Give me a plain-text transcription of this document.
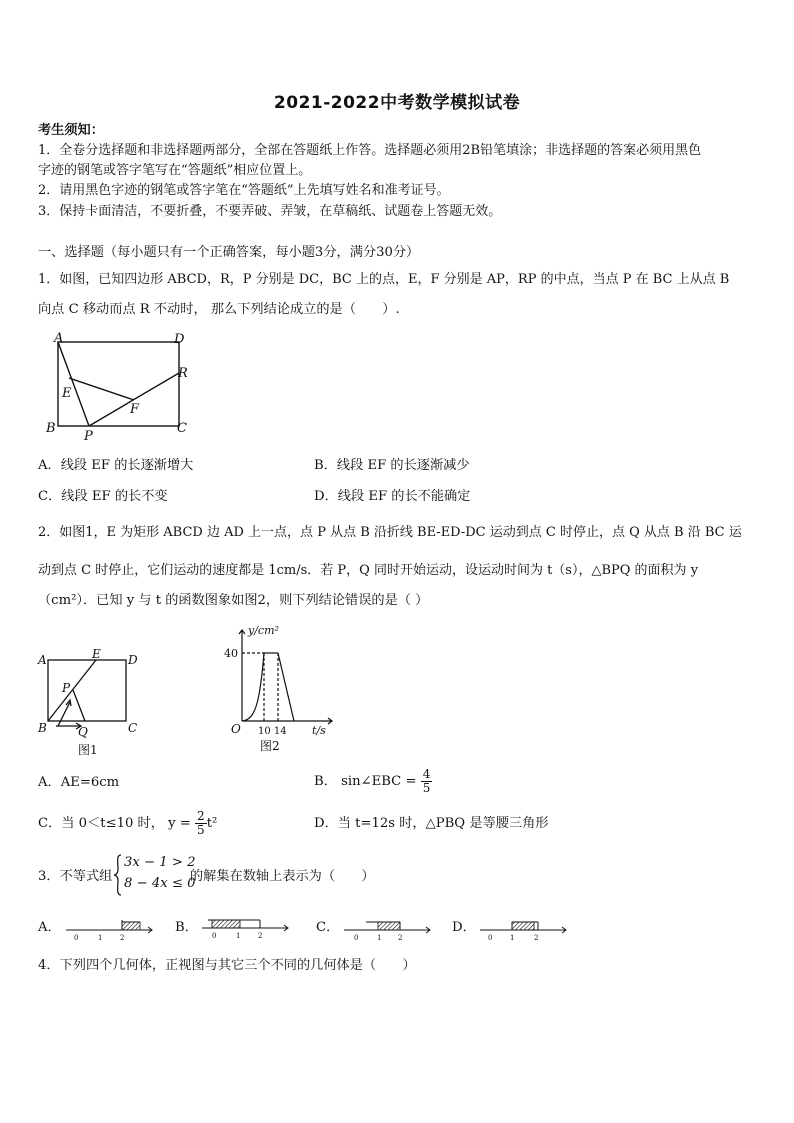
2021-2022中考数学模拟试卷
考生须知：
1．全卷分选择题和非选择题两部分，全部在答题纸上作答。选择题必须用2B铅笔填涂；非选择题的答案必须用黑色
字迹的钢笔或答字笔写在“答题纸”相应位置上。
2．请用黑色字迹的钢笔或答字笔在“答题纸”上先填写姓名和准考证号。
3．保持卡面清洁，不要折叠，不要弄破、弄皱，在草稿纸、试题卷上答题无效。
一、选择题（每小题只有一个正确答案，每小题3分，满分30分）
1．如图，已知四边形 ABCD，R，P 分别是 DC，BC 上的点，E，F 分别是 AP，RP 的中点，当点 P 在 BC 上从点 B
向点 C 移动而点 R 不动时， 那么下列结论成立的是（　　）.
A	D
E
F
R
B
P
C
A．线段 EF 的长逐渐增大	B．线段 EF 的长逐渐减少
C．线段 EF 的长不变	D．线段 EF 的长不能确定
2．如图1，E 为矩形 ABCD 边 AD 上一点，点 P 从点 B 沿折线 BE-ED-DC 运动到点 C 时停止，点 Q 从点 B 沿 BC 运
动到点 C 时停止，它们运动的速度都是 1cm/s．若 P，Q 同时开始运动，设运动时间为 t（s），△BPQ 的面积为 y
（cm²）．已知 y 与 t 的函数图象如图2，则下列结论错误的是（ ）
A	E D
P
B	Q	C
图1
y/cm²
40
O 10 14 t/s
图2
A．AE=6cm	B． sin∠EBC = $\frac{4}{5}$
C．当 0＜t≤10 时， $y = \frac{2}{5} t^2$	D．当 t=12s 时，△PBQ 是等腰三角形
3．不等式组
3x − 1 > 2
8 − 4x ≤ 0
的解集在数轴上表示为（　　）
A．
0	1	2
B．
0	1	2
C．
0	1 2
D．
0	1	2
4．下列四个几何体，正视图与其它三个不同的几何体是（　　）
